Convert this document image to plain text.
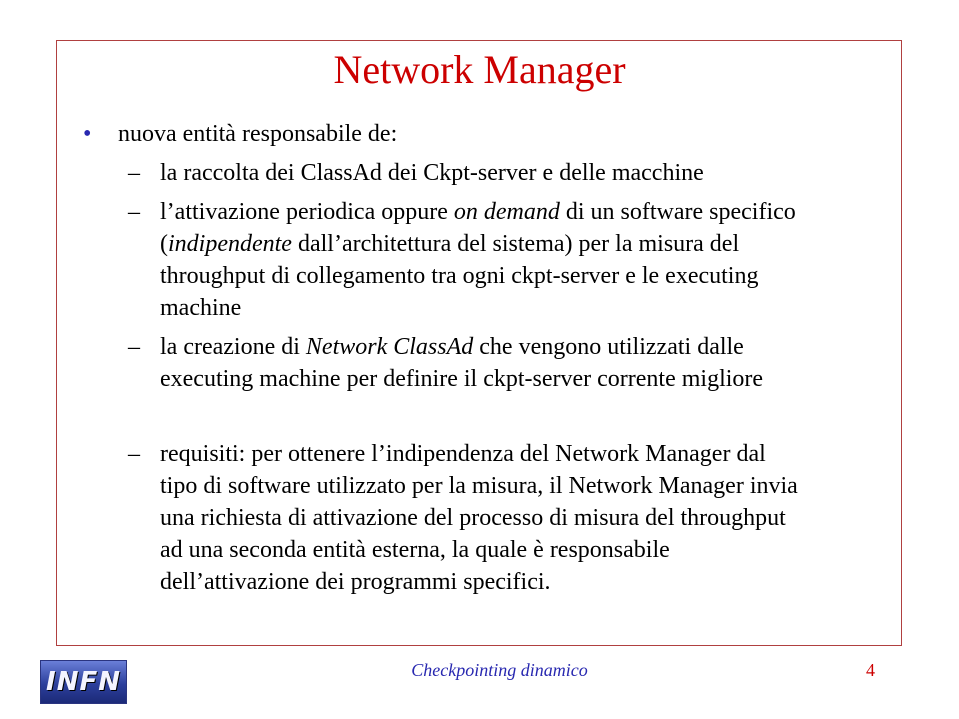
Network Manager
• nuova entità responsabile de:
– la raccolta dei ClassAd dei Ckpt-server e delle macchine
– l’attivazione periodica oppure on demand di un software specifico
(indipendente dall’architettura del sistema) per la misura del
throughput di collegamento tra ogni ckpt-server e le executing
machine
– la creazione di Network ClassAd che vengono utilizzati dalle
executing machine per definire il ckpt-server corrente migliore
– requisiti: per ottenere l’indipendenza del Network Manager dal
tipo di software utilizzato per la misura, il Network Manager invia
una richiesta di attivazione del processo di misura del throughput
ad una seconda entità esterna, la quale è responsabile
dell’attivazione dei programmi specifici.
INFN	Checkpointing dinamico	4
